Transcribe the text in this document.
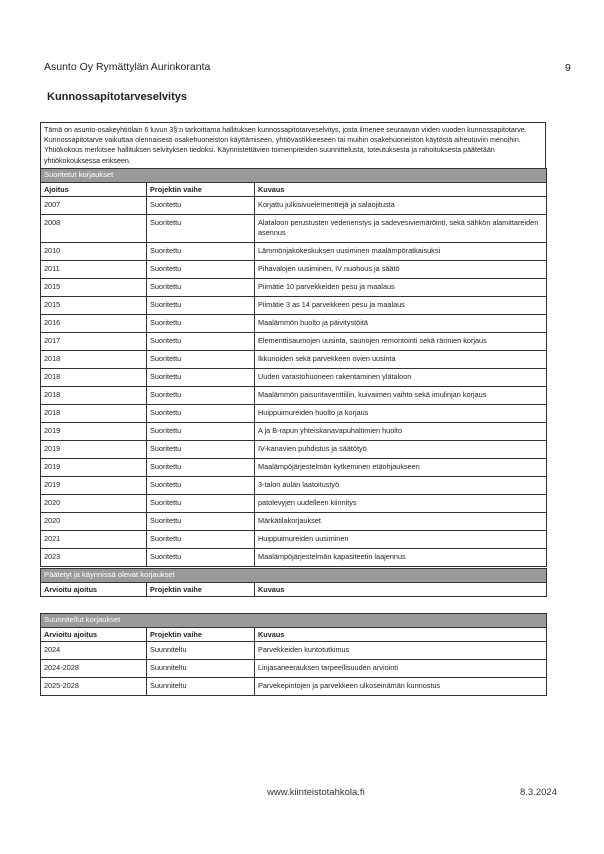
Asunto Oy Rymättylän Aurinkoranta	9
Kunnossapitotarveselvitys
Tämä on asunto-osakeyhtiölain 6 luvun 3§:n tarkoittama hallituksen kunnossapitotarveselvitys, josta ilmenee seuraavan viiden vuoden kunnossapitotarve. Kunnossapitotarve vaikuttaa olennaisesti osakehuoneiston käyttämiseen, yhtiövastikkeeseen tai muihin osakehuoneiston käytöstä aiheutuviin menoihin. Yhtiökokous merkitsee hallituksen selvityksen tiedoksi. Käynnistettävien toimenpiteiden suunnittelusta, toteutuksesta ja rahoituksesta päätetään yhtiökokouksessa erikseen.
Suoritetut korjaukset		
Ajoitus	Projektin vaihe	Kuvaus
2007	Suoritettu	Korjattu julkisivuelementtejä ja salaojitusta
2008	Suoritettu	Alataloon perustusten vedeneristys ja sadevesiviemäröinti, sekä sähkön alamittareiden asennus
2010	Suoritettu	Lämmönjakokeskuksen uusiminen maalämpöratkaisuksi
2011	Suoritettu	Pihavalojen uusiminen, IV nuohous ja säätö
2015	Suoritettu	Piimätie 10 parvekkeiden pesu ja maalaus
2015	Suoritettu	Piimätie 3 as 14 parvekkeen pesu ja maalaus
2016	Suoritettu	Maalämmön huolto ja päivitystöitä
2017	Suoritettu	Elementtisaumojen uusinta, saunojen remontointi sekä rännien korjaus
2018	Suoritettu	Ikkunoiden sekä parvekkeen ovien uusinta
2018	Suoritettu	Uuden varastohuoneen rakentaminen ylätaloon
2018	Suoritettu	Maalämmön paisuntaventtiilin, kuivaimen vaihto sekä imulinjan korjaus
2018	Suoritettu	Huippuimureiden huolto ja korjaus
2019	Suoritettu	A ja B-rapun yhteiskanavapuhaltimien huolto
2019	Suoritettu	IV-kanavien puhdistus ja säätötyö
2019	Suoritettu	Maalämpöjärjestelmän kytkeminen etäohjaukseen
2019	Suoritettu	3-talon aulan laatoitustyö
2020	Suoritettu	patolevyjen uudelleen kiinnitys
2020	Suoritettu	Märkätilakorjaukset
2021	Suoritettu	Huippuimureiden uusiminen
2023	Suoritettu	Maalämpöjärjestelmän kapasiteetin laajennus
Päätetyt ja käynnissä olevat korjaukset
Arvioitu ajoitus	Projektin vaihe	Kuvaus
Suunnitellut korjaukset		
Arvioitu ajoitus	Projektin vaihe	Kuvaus
2024	Suunniteltu	Parvekkeiden kuntotutkimus
2024-2028	Suunniteltu	Linjasaneerauksen tarpeellisuuden arviointi
2025-2028	Suunniteltu	Parvekepintojen ja parvekkeen ulkoseinämän kunnostus
www.kiinteistotahkola.fi	8.3.2024
